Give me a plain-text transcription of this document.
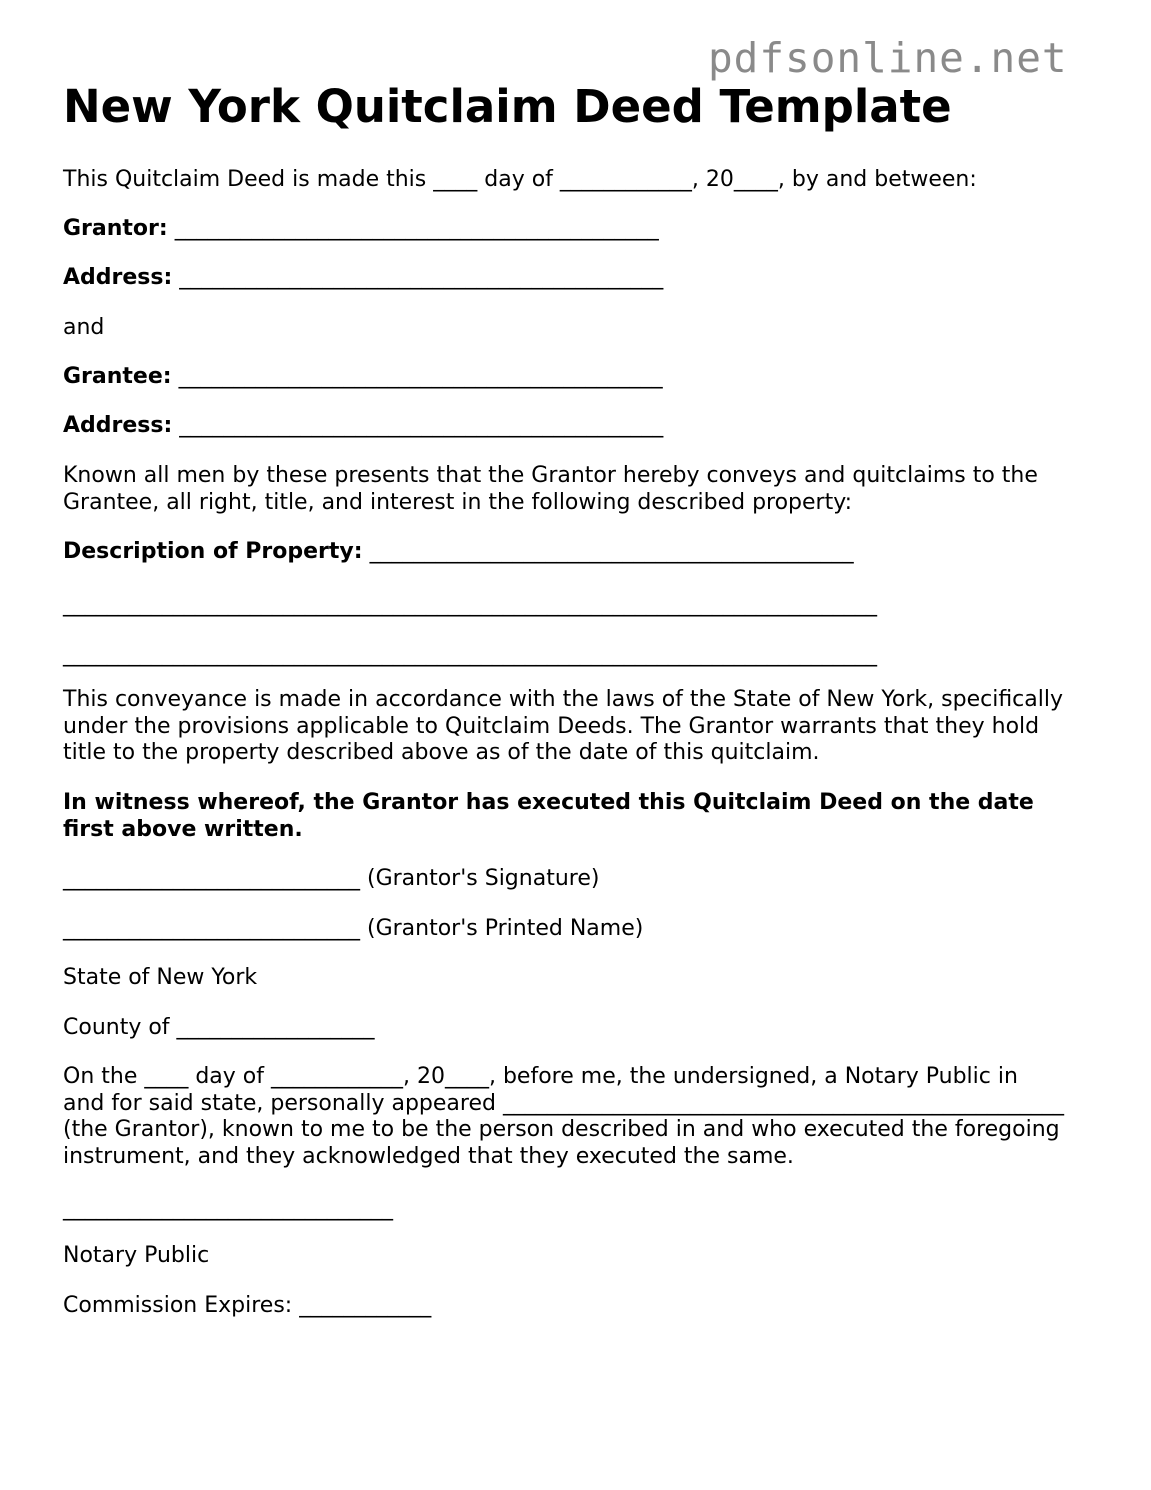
pdfsonline.net
New York Quitclaim Deed Template

This Quitclaim Deed is made this ____ day of ____________, 20____, by and between:

Grantor: ____________________________________________

Address: ____________________________________________

and

Grantee: ____________________________________________

Address: ____________________________________________

Known all men by these presents that the Grantor hereby conveys and quitclaims to the
Grantee, all right, title, and interest in the following described property:

Description of Property: ____________________________________________

__________________________________________________________________________

__________________________________________________________________________

This conveyance is made in accordance with the laws of the State of New York, specifically
under the provisions applicable to Quitclaim Deeds. The Grantor warrants that they hold
title to the property described above as of the date of this quitclaim.

In witness whereof, the Grantor has executed this Quitclaim Deed on the date
first above written.

___________________________ (Grantor's Signature)

___________________________ (Grantor's Printed Name)

State of New York

County of __________________

On the ____ day of ____________, 20____, before me, the undersigned, a Notary Public in
and for said state, personally appeared ___________________________________________________
(the Grantor), known to me to be the person described in and who executed the foregoing
instrument, and they acknowledged that they executed the same.

______________________________

Notary Public

Commission Expires: ____________
